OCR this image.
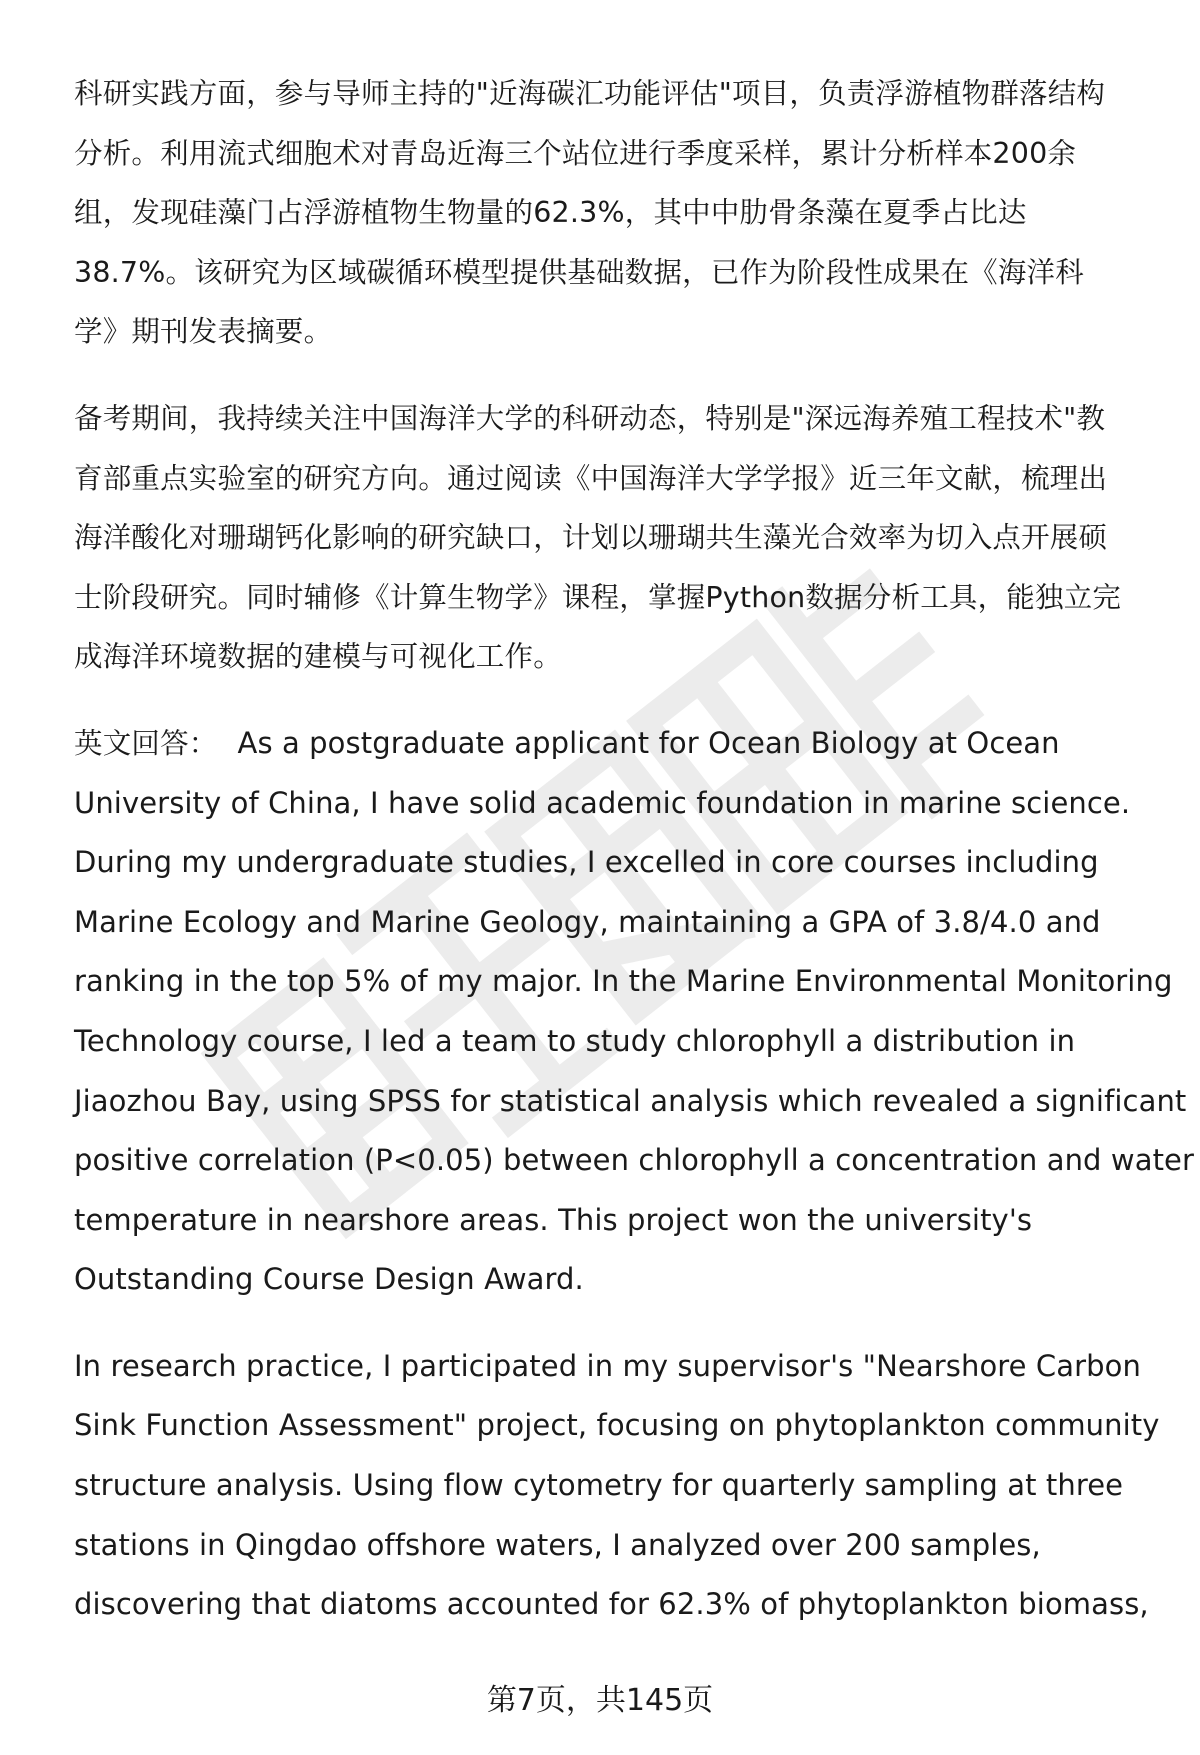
科研实践方面，参与导师主持的"近海碳汇功能评估"项目，负责浮游植物群落结构
分析。利用流式细胞术对青岛近海三个站位进行季度采样，累计分析样本200余
组，发现硅藻门占浮游植物生物量的62.3%，其中中肋骨条藻在夏季占比达
38.7%。该研究为区域碳循环模型提供基础数据，已作为阶段性成果在《海洋科
学》期刊发表摘要。
备考期间，我持续关注中国海洋大学的科研动态，特别是"深远海养殖工程技术"教
育部重点实验室的研究方向。通过阅读《中国海洋大学学报》近三年文献，梳理出
海洋酸化对珊瑚钙化影响的研究缺口，计划以珊瑚共生藻光合效率为切入点开展硕
士阶段研究。同时辅修《计算生物学》课程，掌握Python数据分析工具，能独立完
成海洋环境数据的建模与可视化工作。
英文回答： As a postgraduate applicant for Ocean Biology at Ocean
University of China, I have solid academic foundation in marine science.
During my undergraduate studies, I excelled in core courses including
Marine Ecology and Marine Geology, maintaining a GPA of 3.8/4.0 and
ranking in the top 5% of my major. In the Marine Environmental Monitoring
Technology course, I led a team to study chlorophyll a distribution in
Jiaozhou Bay, using SPSS for statistical analysis which revealed a significant
positive correlation (P<0.05) between chlorophyll a concentration and water
temperature in nearshore areas. This project won the university's
Outstanding Course Design Award.
In research practice, I participated in my supervisor's "Nearshore Carbon
Sink Function Assessment" project, focusing on phytoplankton community
structure analysis. Using flow cytometry for quarterly sampling at three
stations in Qingdao offshore waters, I analyzed over 200 samples,
discovering that diatoms accounted for 62.3% of phytoplankton biomass,
第7页，共145页
